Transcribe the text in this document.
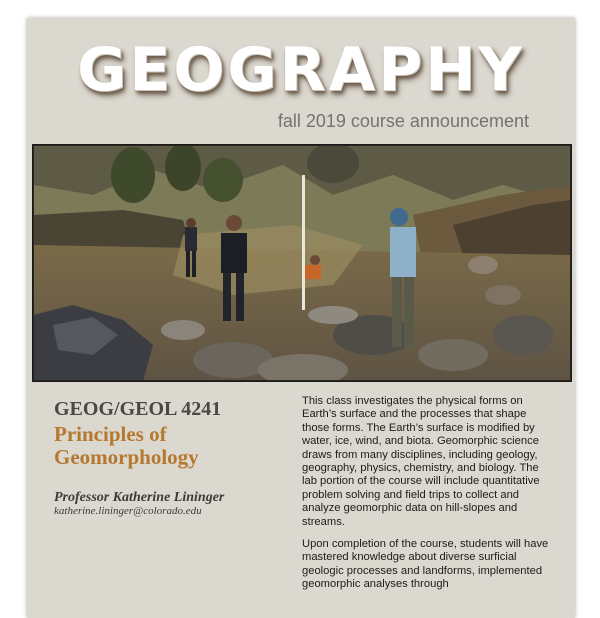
GEOGRAPHY
fall 2019 course announcement
GEOG/GEOL 4241
Principles of Geomorphology
Professor Katherine Lininger
katherine.lininger@colorado.edu

This class investigates the physical forms on Earth’s surface and the processes that shape those forms. The Earth’s surface is modified by water, ice, wind, and biota. Geomorphic science draws from many disciplines, including geology, geography, physics, chemistry, and biology. The lab portion of the course will include quantitative problem solving and field trips to collect and analyze geomorphic data on hill-slopes and streams.

Upon completion of the course, students will have mastered knowledge about diverse surficial geologic processes and landforms, implemented geomorphic analyses through
